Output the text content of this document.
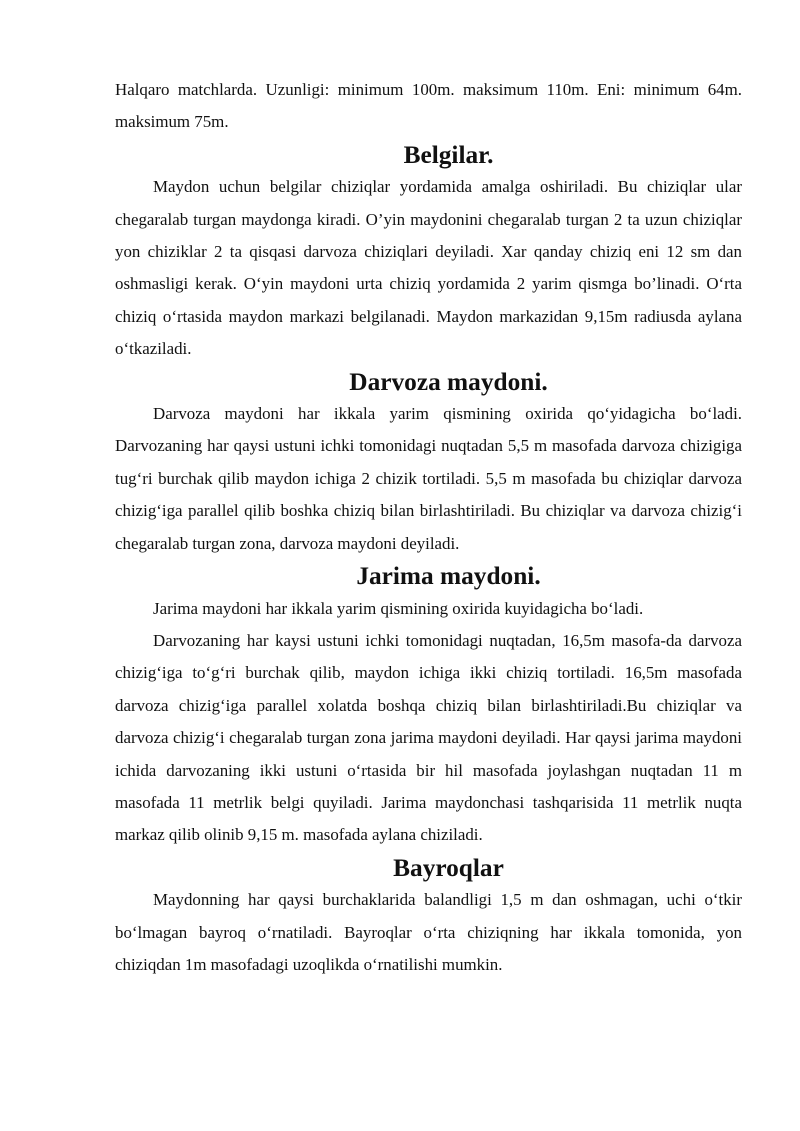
Halqaro matchlarda. Uzunligi: minimum 100m. maksimum 110m. Eni: minimum 64m. maksimum 75m.

Belgilar.

Maydon uchun belgilar chiziqlar yordamida amalga oshiriladi. Bu chiziqlar ular chegaralab turgan maydonga kiradi. O’yin maydonini chegaralab turgan 2 ta uzun chiziqlar yon chiziklar 2 ta qisqasi darvoza chiziqlari deyiladi. Xar qanday chiziq eni 12 sm dan oshmasligi kerak. O‘yin maydoni urta chiziq yordamida 2 yarim qismga bo’linadi. O‘rta chiziq o‘rtasida maydon markazi belgilanadi. Maydon markazidan 9,15m radiusda aylana o‘tkaziladi.

Darvoza maydoni.

Darvoza maydoni har ikkala yarim qismining oxirida qo‘yidagicha bo‘ladi. Darvozaning har qaysi ustuni ichki tomonidagi nuqtadan 5,5 m masofada darvoza chizigiga tug‘ri burchak qilib maydon ichiga 2 chizik tortiladi. 5,5 m masofada bu chiziqlar darvoza chizig‘iga parallel qilib boshka chiziq bilan birlashtiriladi. Bu chiziqlar va darvoza chizig‘i chegaralab turgan zona, darvoza maydoni deyiladi.

Jarima maydoni.

Jarima maydoni har ikkala yarim qismining oxirida kuyidagicha bo‘ladi.

Darvozaning har kaysi ustuni ichki tomonidagi nuqtadan, 16,5m masofa-da darvoza chizig‘iga to‘g‘ri burchak qilib, maydon ichiga ikki chiziq tortiladi. 16,5m masofada darvoza chizig‘iga parallel xolatda boshqa chiziq bilan birlashtiriladi.Bu chiziqlar va darvoza chizig‘i chegaralab turgan zona jarima maydoni deyiladi. Har qaysi jarima maydoni ichida darvozaning ikki ustuni o‘rtasida bir hil masofada joylashgan nuqtadan 11 m masofada 11 metrlik belgi quyiladi. Jarima maydonchasi tashqarisida 11 metrlik nuqta markaz qilib olinib 9,15 m. masofada aylana chiziladi.

Bayroqlar

Maydonning har qaysi burchaklarida balandligi 1,5 m dan oshmagan, uchi o‘tkir bo‘lmagan bayroq o‘rnatiladi. Bayroqlar o‘rta chiziqning har ikkala tomonida, yon chiziqdan 1m masofadagi uzoqlikda o‘rnatilishi mumkin.
